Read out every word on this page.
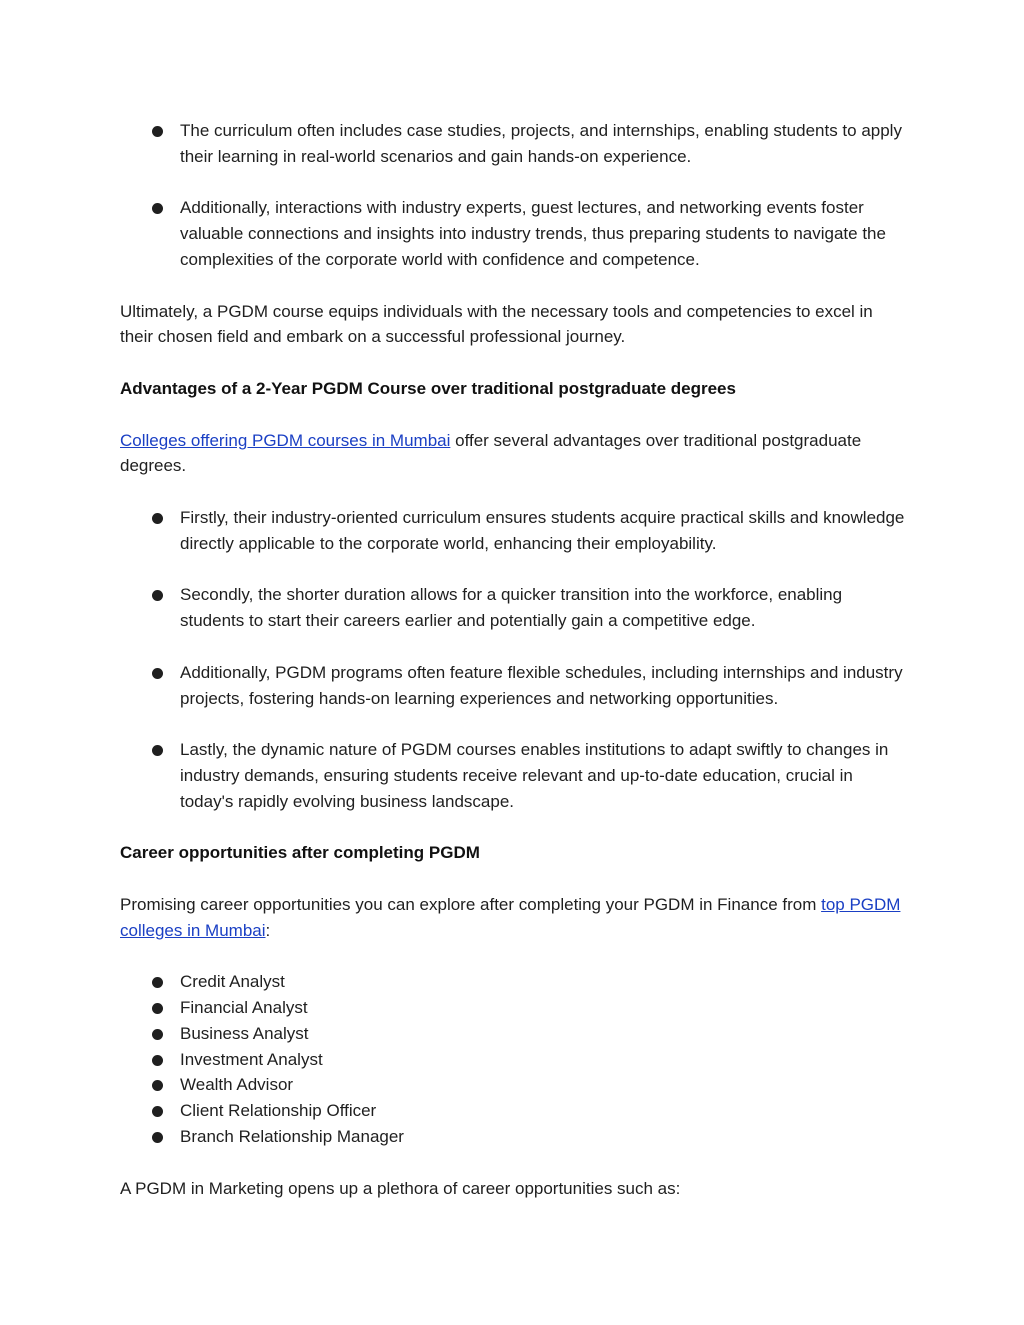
The curriculum often includes case studies, projects, and internships, enabling students to apply their learning in real-world scenarios and gain hands-on experience.
Additionally, interactions with industry experts, guest lectures, and networking events foster valuable connections and insights into industry trends, thus preparing students to navigate the complexities of the corporate world with confidence and competence.

Ultimately, a PGDM course equips individuals with the necessary tools and competencies to excel in their chosen field and embark on a successful professional journey.

Advantages of a 2-Year PGDM Course over traditional postgraduate degrees

Colleges offering PGDM courses in Mumbai offer several advantages over traditional postgraduate degrees.

Firstly, their industry-oriented curriculum ensures students acquire practical skills and knowledge directly applicable to the corporate world, enhancing their employability.
Secondly, the shorter duration allows for a quicker transition into the workforce, enabling students to start their careers earlier and potentially gain a competitive edge.
Additionally, PGDM programs often feature flexible schedules, including internships and industry projects, fostering hands-on learning experiences and networking opportunities.
Lastly, the dynamic nature of PGDM courses enables institutions to adapt swiftly to changes in industry demands, ensuring students receive relevant and up-to-date education, crucial in today's rapidly evolving business landscape.

Career opportunities after completing PGDM

Promising career opportunities you can explore after completing your PGDM in Finance from top PGDM colleges in Mumbai:

Credit Analyst
Financial Analyst
Business Analyst
Investment Analyst
Wealth Advisor
Client Relationship Officer
Branch Relationship Manager

A PGDM in Marketing opens up a plethora of career opportunities such as:
